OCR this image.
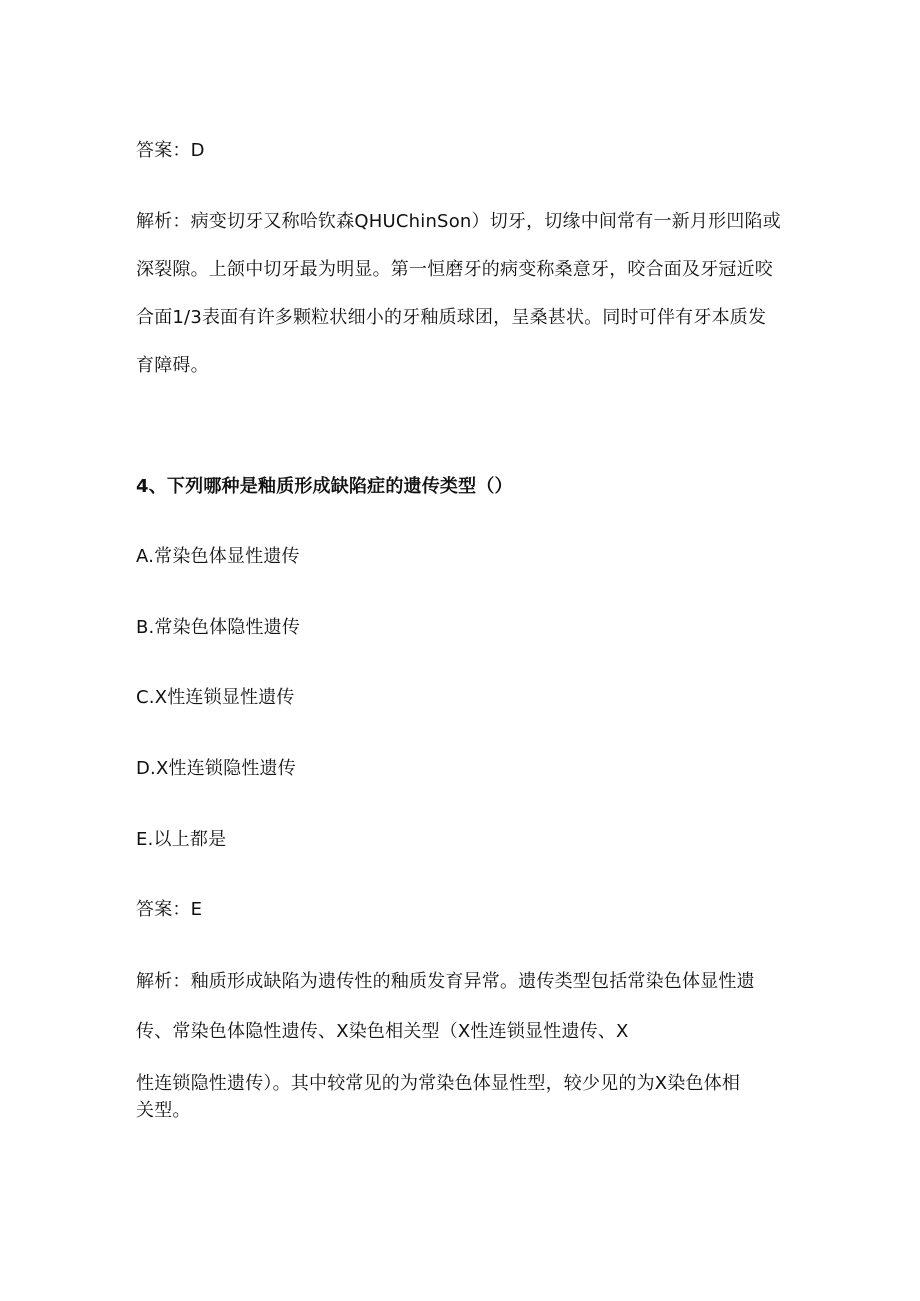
答案：D
解析：病变切牙又称哈钦森QHUChinSon）切牙，切缘中间常有一新月形凹陷或
深裂隙。上颌中切牙最为明显。第一恒磨牙的病变称桑意牙，咬合面及牙冠近咬
合面1/3表面有许多颗粒状细小的牙釉质球团，呈桑甚状。同时可伴有牙本质发
育障碍。
4、下列哪种是釉质形成缺陷症的遗传类型（）
A.常染色体显性遗传
B.常染色体隐性遗传
C.X性连锁显性遗传
D.X性连锁隐性遗传
E.以上都是
答案：E
解析：釉质形成缺陷为遗传性的釉质发育异常。遗传类型包括常染色体显性遗
传、常染色体隐性遗传、X染色相关型（X性连锁显性遗传、X
性连锁隐性遗传）。其中较常见的为常染色体显性型，较少见的为X染色体相
关型。
